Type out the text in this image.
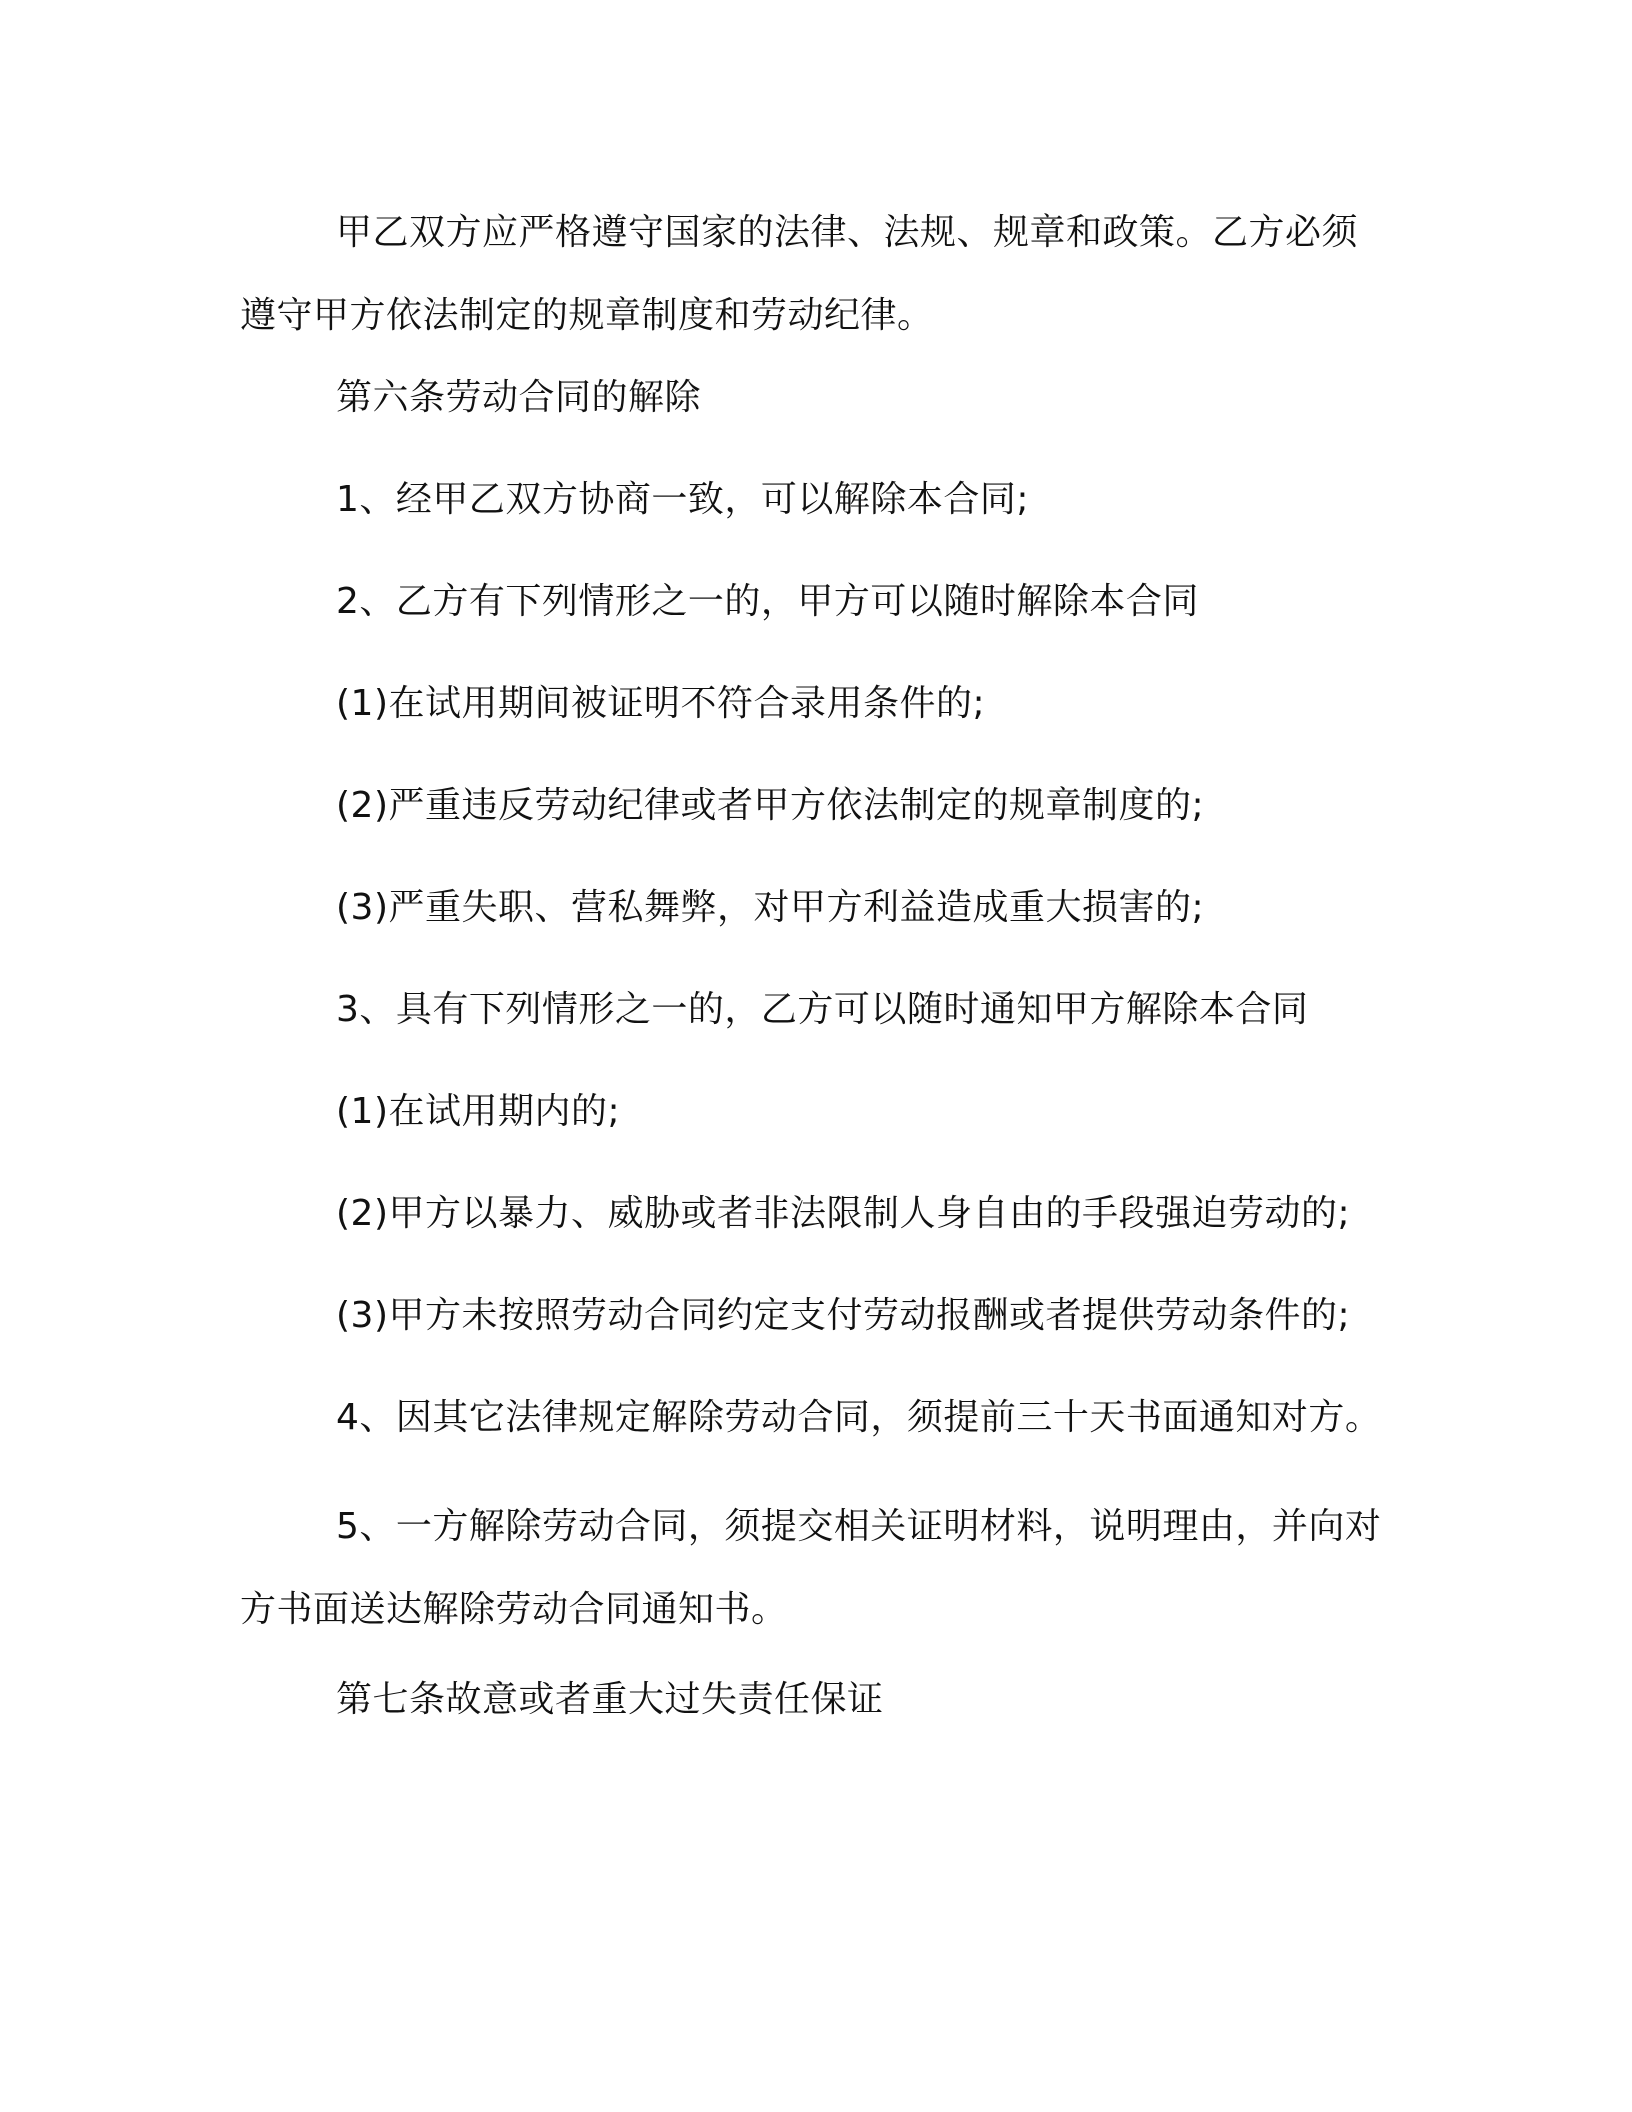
甲乙双方应严格遵守国家的法律、法规、规章和政策。乙方必须遵守甲方依法制定的规章制度和劳动纪律。
第六条劳动合同的解除
1、经甲乙双方协商一致，可以解除本合同;
2、乙方有下列情形之一的，甲方可以随时解除本合同
(1)在试用期间被证明不符合录用条件的;
(2)严重违反劳动纪律或者甲方依法制定的规章制度的;
(3)严重失职、营私舞弊，对甲方利益造成重大损害的;
3、具有下列情形之一的，乙方可以随时通知甲方解除本合同
(1)在试用期内的;
(2)甲方以暴力、威胁或者非法限制人身自由的手段强迫劳动的;
(3)甲方未按照劳动合同约定支付劳动报酬或者提供劳动条件的;
4、因其它法律规定解除劳动合同，须提前三十天书面通知对方。
5、一方解除劳动合同，须提交相关证明材料，说明理由，并向对方书面送达解除劳动合同通知书。
第七条故意或者重大过失责任保证
